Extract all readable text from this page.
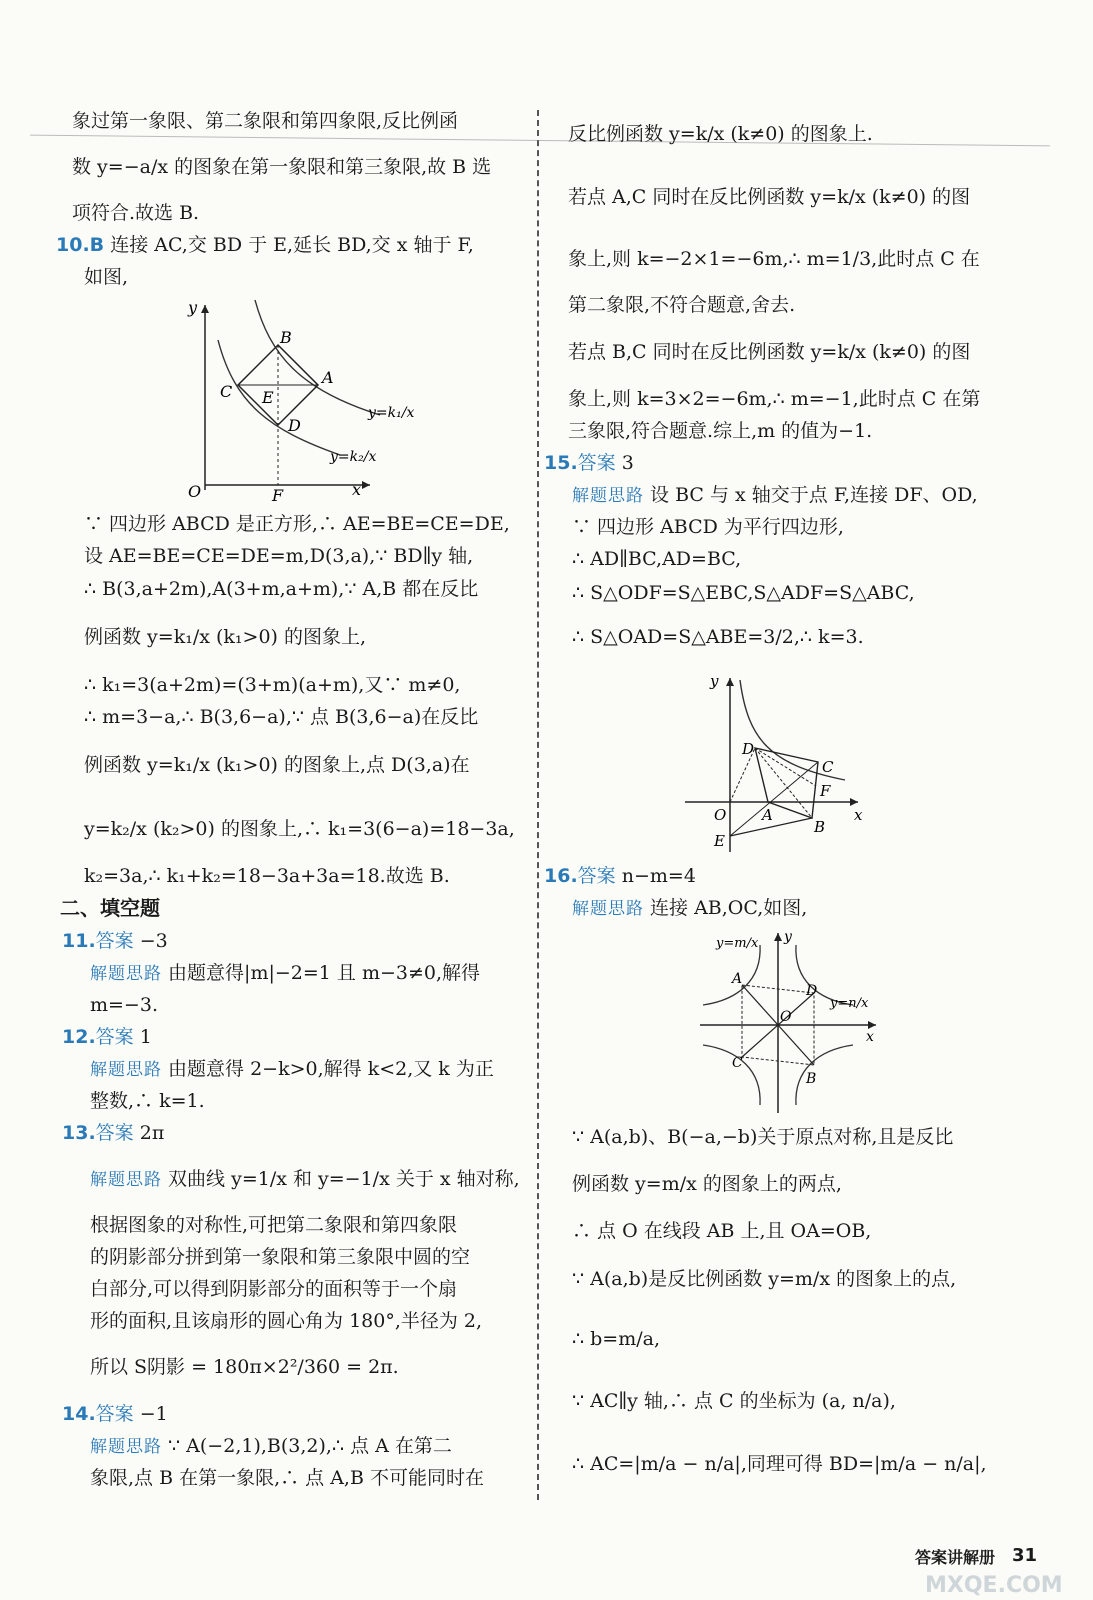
象过第一象限、第二象限和第四象限,反比例函
数 y=−a/x 的图象在第一象限和第三象限,故 B 选
项符合.故选 B.
10.B 连接 AC,交 BD 于 E,延长 BD,交 x 轴于 F,
如图,
y
B
A
C E
D
O	F	x
y=k₁/x
y=k₂/x
∵ 四边形 ABCD 是正方形,∴ AE=BE=CE=DE,
设 AE=BE=CE=DE=m,D(3,a),∵ BD∥y 轴,
∴ B(3,a+2m),A(3+m,a+m),∵ A,B 都在反比
例函数 y=k₁/x (k₁>0) 的图象上,
∴ k₁=3(a+2m)=(3+m)(a+m),又∵ m≠0,
∴ m=3−a,∴ B(3,6−a),∵ 点 B(3,6−a)在反比
例函数 y=k₁/x (k₁>0) 的图象上,点 D(3,a)在
y=k₂/x (k₂>0) 的图象上,∴ k₁=3(6−a)=18−3a,
k₂=3a,∴ k₁+k₂=18−3a+3a=18.故选 B.
二、填空题
11.答案 −3
解题思路 由题意得|m|−2=1 且 m−3≠0,解得
m=−3.
12.答案 1
解题思路 由题意得 2−k>0,解得 k<2,又 k 为正
整数,∴ k=1.
13.答案 2π
解题思路 双曲线 y=1/x 和 y=−1/x 关于 x 轴对称,
根据图象的对称性,可把第二象限和第四象限
的阴影部分拼到第一象限和第三象限中圆的空
白部分,可以得到阴影部分的面积等于一个扇
形的面积,且该扇形的圆心角为 180°,半径为 2,
所以 S阴影 = 180π×2²/360 = 2π.
14.答案 −1
解题思路 ∵ A(−2,1),B(3,2),∴ 点 A 在第二
象限,点 B 在第一象限,∴ 点 A,B 不可能同时在
反比例函数 y=k/x (k≠0) 的图象上.
若点 A,C 同时在反比例函数 y=k/x (k≠0) 的图
象上,则 k=−2×1=−6m,∴ m=1/3,此时点 C 在
第二象限,不符合题意,舍去.
若点 B,C 同时在反比例函数 y=k/x (k≠0) 的图
象上,则 k=3×2=−6m,∴ m=−1,此时点 C 在第
三象限,符合题意.综上,m 的值为−1.
15.答案 3
解题思路 设 BC 与 x 轴交于点 F,连接 DF、OD,
∵ 四边形 ABCD 为平行四边形,
∴ AD∥BC,AD=BC,
∴ S△ODF=S△EBC,S△ADF=S△ABC,
∴ S△OAD=S△ABE=3/2,∴ k=3.
y
D
C
F
O A	x
E
B
16.答案 n−m=4
解题思路 连接 AB,OC,如图,
y=m/x y
A
D
O
y=n/x
x
C
B
∵ A(a,b)、B(−a,−b)关于原点对称,且是反比
例函数 y=m/x 的图象上的两点,
∴ 点 O 在线段 AB 上,且 OA=OB,
∵ A(a,b)是反比例函数 y=m/x 的图象上的点,
∴ b=m/a,
∵ AC∥y 轴,∴ 点 C 的坐标为 (a, n/a),
∴ AC=|m/a − n/a|,同理可得 BD=|m/a − n/a|,
MXQE.COM
答案讲解册 31
